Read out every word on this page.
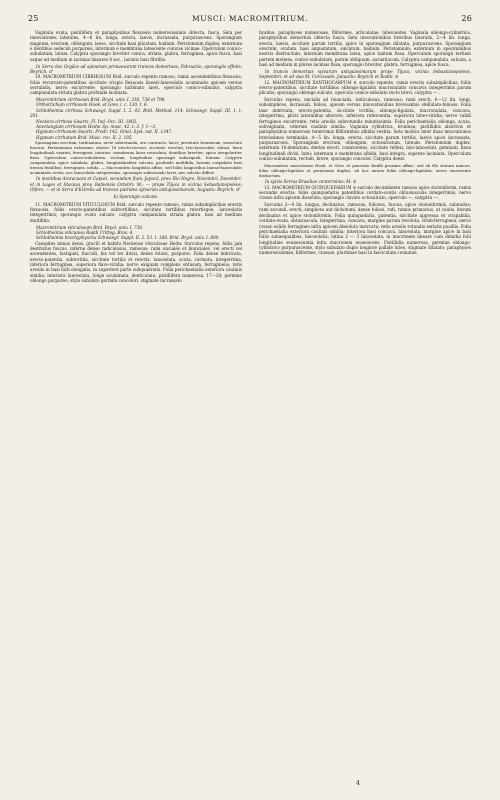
25	MUSCI: MACROMITRIUM.	26

Vaginula ovata, pistillifera et paraphysibus flexuosis numerosissimis obtecta, fusca. Seta per innovationes laterales, 4—6 lin. longa, erecta, laevis, incrassata, purpurascens. Sporangium magnum, erectum, oblongum, laeve, siccitate basi plicatum, badium. Peristomium duplex; externum e dentibus sedecim purpureis, internum e membrana latescente conicae vicinae. Operculum conico-subulatum, latum. Calyptra sporangio breviter conica, striata, glabra, ferruginea, apice fusca, basi usque ad medium in lacinias lineares 8 sec., laciniis basi fibrillis.

In Serra dos Orgãos ad spinarum primaevarum truncos demortuos, Februario, sporangiis effetis: Beyrich. ♂

10. MACROMITRIUM CIRRHOSUM Brid. surculo repente ramoso, ramis ascendentibus flexuosis; foliis recurvato-patentibus siccitate crispis flexuosis lineari-lanceolatis acuminatis apicem versus serrulatis, nervo excurrente; sporangio turbinato laevi, operculo conico-subulato, calyptra campanulata striata glabra profunde laciniata.

Macromitrium cirrhosum Brid. Bryol. univ. I. 316, 738 et 798.

Orthotrichum cirrhosum Hook. et Grev. l. c. 130. t. 6.

Schlotheimia cirrhosa Schwaegr. Suppl. I. 2. 43. Brid. Method. 114. Schwaegr. Suppl. III. 1. t. 201.

Neckera cirrhosa Swartz. Fl. Ind. Occ. III. 1802.

Anectangium cirrhosum Hedw. Sp. musc. 42. t. 3. f. 1—3.

Hypnum cirrhosum Swartz. Prodr. 142. Gmel. Syst. nat. II. 1347.

Hypnum cirrhatum Brid. Musc. rec. II. 2. 185.

Sporangium erectum, turbinatum, arcte subrotunda, ore contracto, laevi; juventute brunneum, senectute fuscum. Peristomium externum: dentes 16 erecto-recurvi, siccitate revoluti, lato-lanceolati, obtusi, linea longitudinali exarati, ferruginei; interius: membrana latea reticulata, dentibus breviter, apice irregulariter fissa. Operculum conico-subulatum, rectum, longitudine sporangii subaequali, luteum. Calyptra campanulata, apice subulata, glabra, longitudinaliter sulcata, profunde multifida, laciniis cuspidatis basi iterum fissilibus, ferruginea, nitida. — Macromitrio longifolio affine, sed foliis longioribus lineari-lanceolatis acuminatis rectis, nec lanceolatis integerrimis, sporangio subrotundo laevi, nec sulcato differt.

In montibus Araracuara et Capuri, secundum flum. Japurá, prov. Rio Negro, Novembri, Decembri, et in Lages et Stacava prov. Bahiensis Octobri: M.; — prope Tijuca in vicinia Sebastianopoleos; Olfers; — et in Serra d'Estrella ad truncos putridos sylvarum antiquissimarum, Augusto: Beyrich. ♂

b) Sporangio sulcato.

11. MACROMITRIUM VITICULOSUM Brid. surculo repente ramoso, ramis subsimplicibus erectis flexuosis, foliis erecto-patentibus subtortilibus, siccitate tortilibus retortisque, lanceolatis integerrimis; sporangio ovato sulcato, calyptra campanulata striata glabra, basi ad medium multifida.

Macromitrium viticulosum Brid. Bryol. univ. I. 738.

Schlotheimia viticulosa Raddi Crittog. Bras. 4.

Schlotheimia brachyphyscha Schwaegr. Suppl. II. 2. 53. t. 188. Brid. Bryol. univ. I. 800.

Caespites minus densi, gracili et habitu Neckerae viticulosae Hedw. Surculus repens, foliis jam destitutus fuscus, inferne dense radiculosus, ramosus; rami uncialés et biunciales, vel erecti vel ascendentes, fastigiati, flaccidi, his vel ter divisi, dense foliosi, purpurei. Folia dense imbricata, erecto-patentia, subtortilia, siccitate tortilis et retorta, lanceolata, acuta, carinata, integerrima, inferiora ferruginea, superiora flavo-viridia; nervo exiguam complens obtusum, ferrugineus; retis areolis in basi fulti elongatis, in superiore parte subquadratis. Folia perichaetialia exteriora caulinis similia; interiora lanceolata, longe acuminata, denticulata; pistillifera numerosa, 17—20; germine oblongo purpureo, stylo subulato germini concolori, stigmate incrassato

hyalino; paraphyses numerosae, filiformes, articulatae, lutescentes. Vaginula oblongo-cylindrica, paraphysibus demortuis obtecta fusca. Seta innovationibus brevibus lateralis, 2—4 lin. longa, erecta, laevis, siccitate parum tortilis, apice in sporangium dilatata, purpurascens. Sporangium erectum, ovatum, basi angustatum, sulcatum, badium. Peristomium: externum in speciminibus nostris destructum; internum membrana latea, apice tantum fissa. Operculum sporangii tertiam partem metiens, conico-subulatum, parum obliquum, aurantiacum. Calyptra campanulata, sulcata, a basi ad medium in plures lacinias fissa, sporangio breviter, glabra, ferruginea, apice fusca.

In truncis demortuis sylvarum antiquissimarum prope Tijuca, vicinia Sebastianopoleos, Septembri, et ad vias M. Corcovado, Januario: Beyrich et Raddi. ♀

12. MACROMITRIUM XANTHOCARPUM ♀ surculo repente, ramis erectis subsimplicibus; foliis erecto-patentibus, siccitate tortilibus oblongo-ligulatis mucronulatis concavis integerrimis parum plicatis; sporangio oblongo sulcato, operculo conico-subulato recto brevi, calyptra — .

Surculus repens, uncialis ad biuncialis, radiculosus, ramosus; rami erecti, 6—12 lin. longi, subsimplices, incrassati, foliosi, apicem versus innovationibus brevissimis stellulato-foliosis. Folia laxe imbricata, erecto-patentia, siccitate tortilia, oblongo-ligulata, mucronulata, concava, integerrima, plicis lateralibus alterave, inferiora rufescentia, superiora luteo-viridia; nervo validi ferrugineo excurrente; retis areolis subrotundis minutissimis. Folia perichaetialia oblonga, acuta, subvaginata, ceterum caulinis similia. Vaginula cylindrica, brunnea, pistillidiis abortivis et paraphysibus numerosis tenerrimis filiformibus albidis vestita. Seta modica inter duas innovationes brevissimas terminalis, 4—5 lin. longa, erecta, siccitate parum tortilis, laevis apice incrassata, purpurascens. Sporangium erectum, oblongum, octosulcatum, luteum. Peristomium duplex, externum 16-dentatum: dentes erecti, conniventes, siccitate reflexi, lato-lanceolati, geminati, linea longitudinali divisi, lutei; internum e membrana albida, basi integra, superne laciniata. Operculum conico-subulatum, rectum, breve, sporangio concolor. Calyptra deest.

Macromitrio microstomo Hook. et Grev. et punctato Raddi proxime affine, sed ab illo statura minore, foliis oblongo-ligulatis et peristomio duplici, ab hoc autem foliis oblongo-ligulatis, nervo excurrente distinctum.

In sylvis Serras Brasiliae contorminis: M. ♀

13. MACROMITRIUM QUINQUEFARIUM ♀ surculo decumbente ramoso apice stoloniformi, ramis secundis erectis; foliis quinquefariis patentibus cordato-ovatis obtusiusculis integerrimis, nervo crasso infra apicem dissoluto; sporangio clavato octosulcato, operculo —, calyptra —.

Surculus 2—4 lin. longus, declinatus, ramosus, foliosus, fuscus, apice stoloniformis, subnudus; rami secundi, erecti, simplices aut dichotomi, dense foliosi, rufi, ramus primarius, ut caulis, iterum declinatus et apice stoloniformis. Folia quinquefaria, patentia, siccitate appressa et crispabilia, cordato-ovata, obtusiuscula, integerrima, concava, margine parum revoluta, viridi-ferruginea; nervo crasso solido ferrugineo infra apicem dissoluto instructa; retis areolis rotundis seriatis pusillis. Folia perichaetialia exteriora caulinis similia; interiora basi concava, lanceolata, margine apice in basi foliis subaequalibus, lanceolatis; latina 2 — 3 lanceolata, in mucronem lineare cum dimidia folii longitudine evanescentia infra mucronem evanescens. Pistillidia numerosa, germine oblongo-cylindrico purpurascente, stylo subulato duplo longiore pallide luteo, stigmate dilatato; paraphyses numerosissimae, filiformes, crassae, pluriimae basi in fasciculum connatae,

4
